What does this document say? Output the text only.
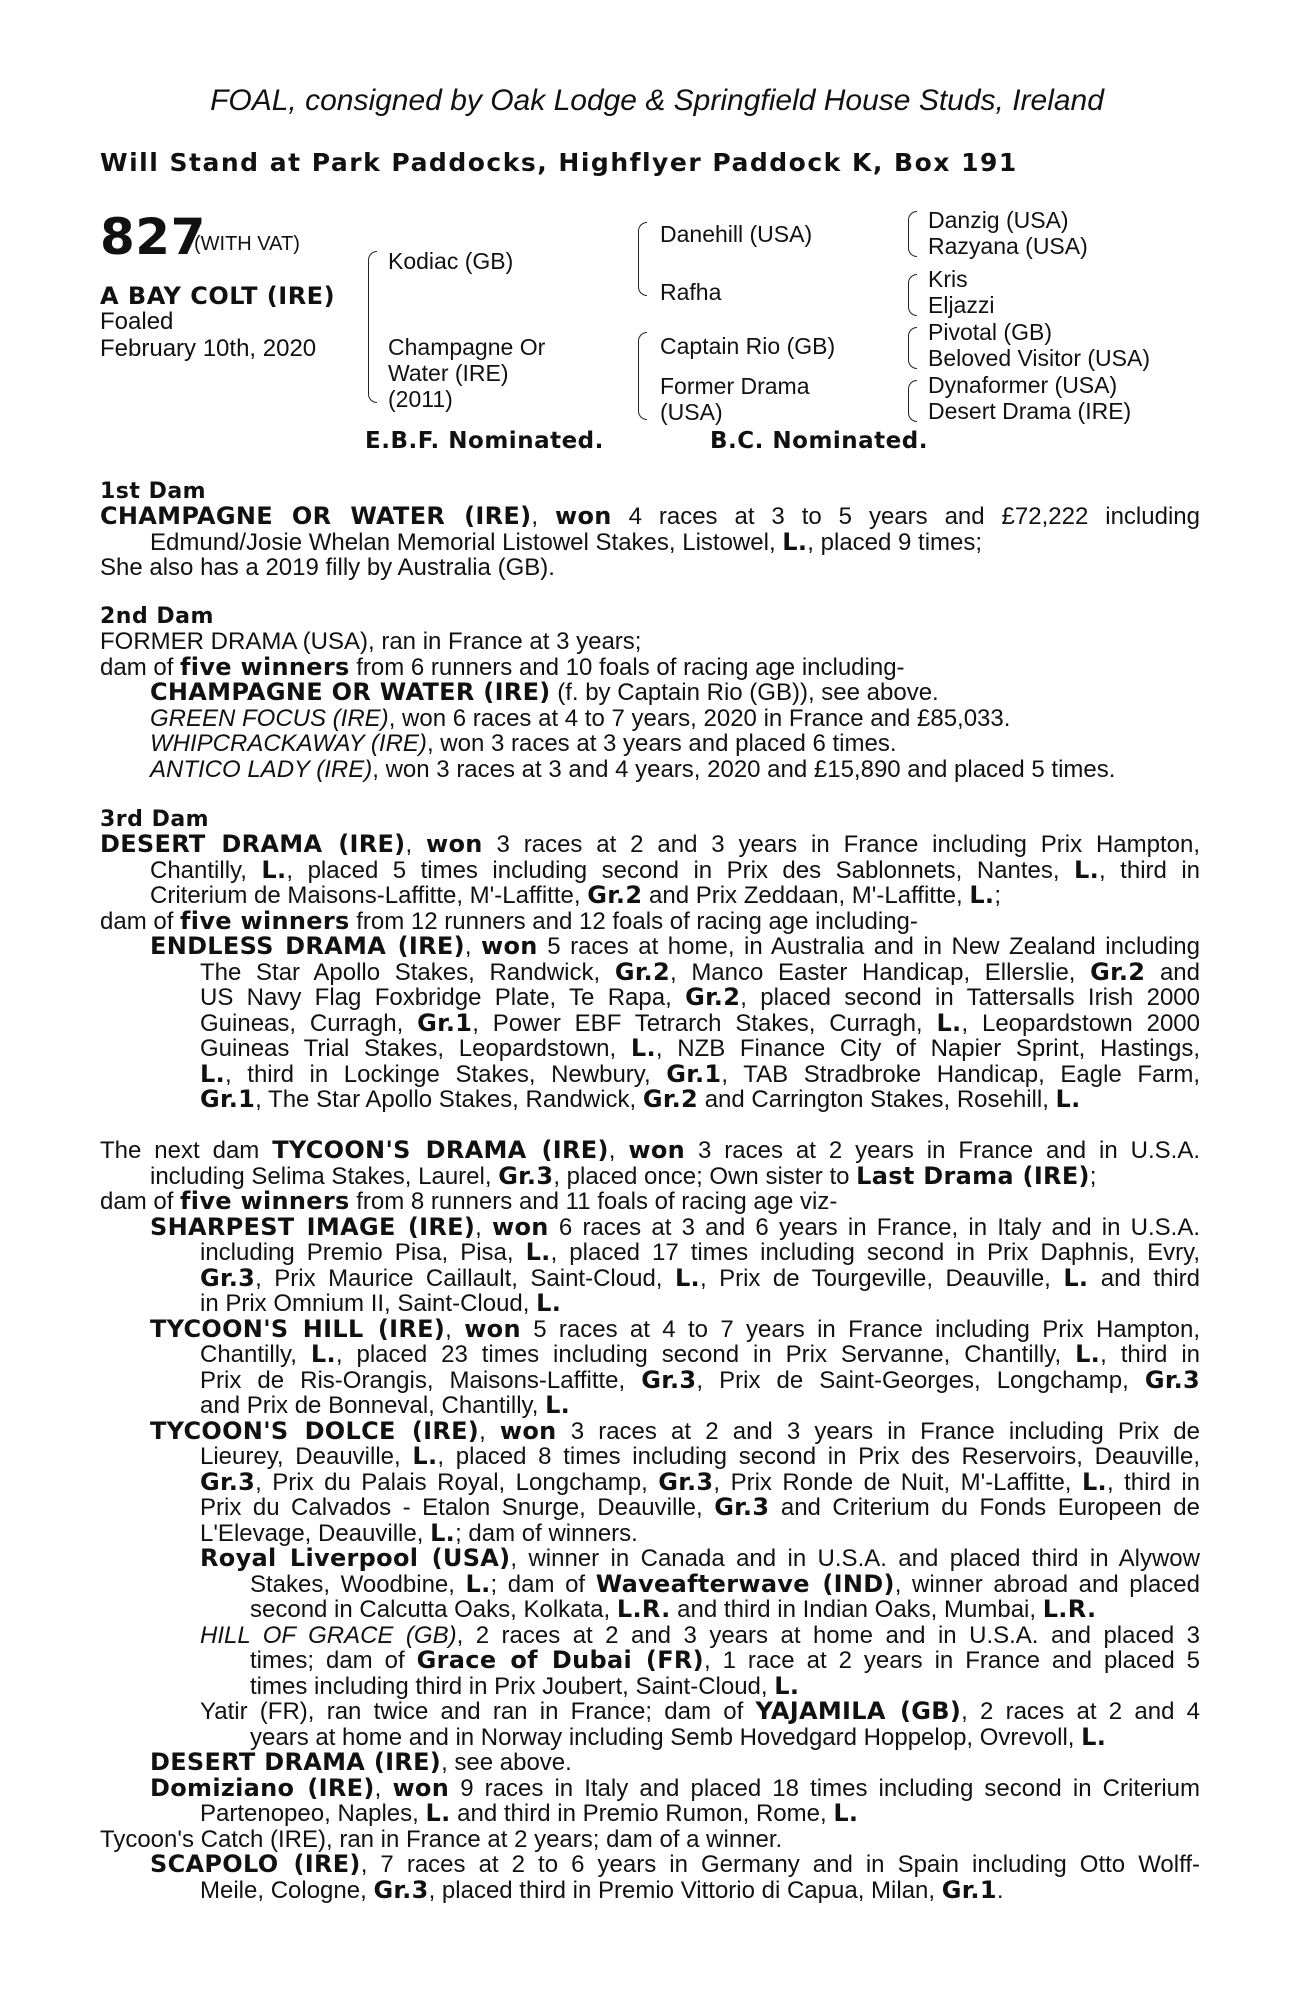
FOAL, consigned by Oak Lodge & Springfield House Studs, Ireland
Will Stand at Park Paddocks, Highflyer Paddock K, Box 191
827
(WITH VAT)
A BAY COLT (IRE)
Foaled
February 10th, 2020
Kodiac (GB)
Champagne Or Water (IRE) (2011)
Danehill (USA)
Rafha
Captain Rio (GB)
Former Drama (USA)
Danzig (USA)
Razyana (USA)
Kris
Eljazzi
Pivotal (GB)
Beloved Visitor (USA)
Dynaformer (USA)
Desert Drama (IRE)
E.B.F. Nominated.	B.C. Nominated.
1st Dam
CHAMPAGNE OR WATER (IRE), won 4 races at 3 to 5 years and £72,222 including
Edmund/Josie Whelan Memorial Listowel Stakes, Listowel, L., placed 9 times;
She also has a 2019 filly by Australia (GB).
2nd Dam
FORMER DRAMA (USA), ran in France at 3 years;
dam of five winners from 6 runners and 10 foals of racing age including-
CHAMPAGNE OR WATER (IRE) (f. by Captain Rio (GB)), see above.
GREEN FOCUS (IRE), won 6 races at 4 to 7 years, 2020 in France and £85,033.
WHIPCRACKAWAY (IRE), won 3 races at 3 years and placed 6 times.
ANTICO LADY (IRE), won 3 races at 3 and 4 years, 2020 and £15,890 and placed 5 times.
3rd Dam
DESERT DRAMA (IRE), won 3 races at 2 and 3 years in France including Prix Hampton,
Chantilly, L., placed 5 times including second in Prix des Sablonnets, Nantes, L., third in
Criterium de Maisons-Laffitte, M'-Laffitte, Gr.2 and Prix Zeddaan, M'-Laffitte, L.;
dam of five winners from 12 runners and 12 foals of racing age including-
ENDLESS DRAMA (IRE), won 5 races at home, in Australia and in New Zealand including
The Star Apollo Stakes, Randwick, Gr.2, Manco Easter Handicap, Ellerslie, Gr.2 and
US Navy Flag Foxbridge Plate, Te Rapa, Gr.2, placed second in Tattersalls Irish 2000
Guineas, Curragh, Gr.1, Power EBF Tetrarch Stakes, Curragh, L., Leopardstown 2000
Guineas Trial Stakes, Leopardstown, L., NZB Finance City of Napier Sprint, Hastings,
L., third in Lockinge Stakes, Newbury, Gr.1, TAB Stradbroke Handicap, Eagle Farm,
Gr.1, The Star Apollo Stakes, Randwick, Gr.2 and Carrington Stakes, Rosehill, L.
The next dam TYCOON'S DRAMA (IRE), won 3 races at 2 years in France and in U.S.A.
including Selima Stakes, Laurel, Gr.3, placed once; Own sister to Last Drama (IRE);
dam of five winners from 8 runners and 11 foals of racing age viz-
SHARPEST IMAGE (IRE), won 6 races at 3 and 6 years in France, in Italy and in U.S.A.
including Premio Pisa, Pisa, L., placed 17 times including second in Prix Daphnis, Evry,
Gr.3, Prix Maurice Caillault, Saint-Cloud, L., Prix de Tourgeville, Deauville, L. and third
in Prix Omnium II, Saint-Cloud, L.
TYCOON'S HILL (IRE), won 5 races at 4 to 7 years in France including Prix Hampton,
Chantilly, L., placed 23 times including second in Prix Servanne, Chantilly, L., third in
Prix de Ris-Orangis, Maisons-Laffitte, Gr.3, Prix de Saint-Georges, Longchamp, Gr.3
and Prix de Bonneval, Chantilly, L.
TYCOON'S DOLCE (IRE), won 3 races at 2 and 3 years in France including Prix de
Lieurey, Deauville, L., placed 8 times including second in Prix des Reservoirs, Deauville,
Gr.3, Prix du Palais Royal, Longchamp, Gr.3, Prix Ronde de Nuit, M'-Laffitte, L., third in
Prix du Calvados - Etalon Snurge, Deauville, Gr.3 and Criterium du Fonds Europeen de
L'Elevage, Deauville, L.; dam of winners.
Royal Liverpool (USA), winner in Canada and in U.S.A. and placed third in Alywow
Stakes, Woodbine, L.; dam of Waveafterwave (IND), winner abroad and placed
second in Calcutta Oaks, Kolkata, L.R. and third in Indian Oaks, Mumbai, L.R.
HILL OF GRACE (GB), 2 races at 2 and 3 years at home and in U.S.A. and placed 3
times; dam of Grace of Dubai (FR), 1 race at 2 years in France and placed 5
times including third in Prix Joubert, Saint-Cloud, L.
Yatir (FR), ran twice and ran in France; dam of YAJAMILA (GB), 2 races at 2 and 4
years at home and in Norway including Semb Hovedgard Hoppelop, Ovrevoll, L.
DESERT DRAMA (IRE), see above.
Domiziano (IRE), won 9 races in Italy and placed 18 times including second in Criterium
Partenopeo, Naples, L. and third in Premio Rumon, Rome, L.
Tycoon's Catch (IRE), ran in France at 2 years; dam of a winner.
SCAPOLO (IRE), 7 races at 2 to 6 years in Germany and in Spain including Otto Wolff-
Meile, Cologne, Gr.3, placed third in Premio Vittorio di Capua, Milan, Gr.1.
